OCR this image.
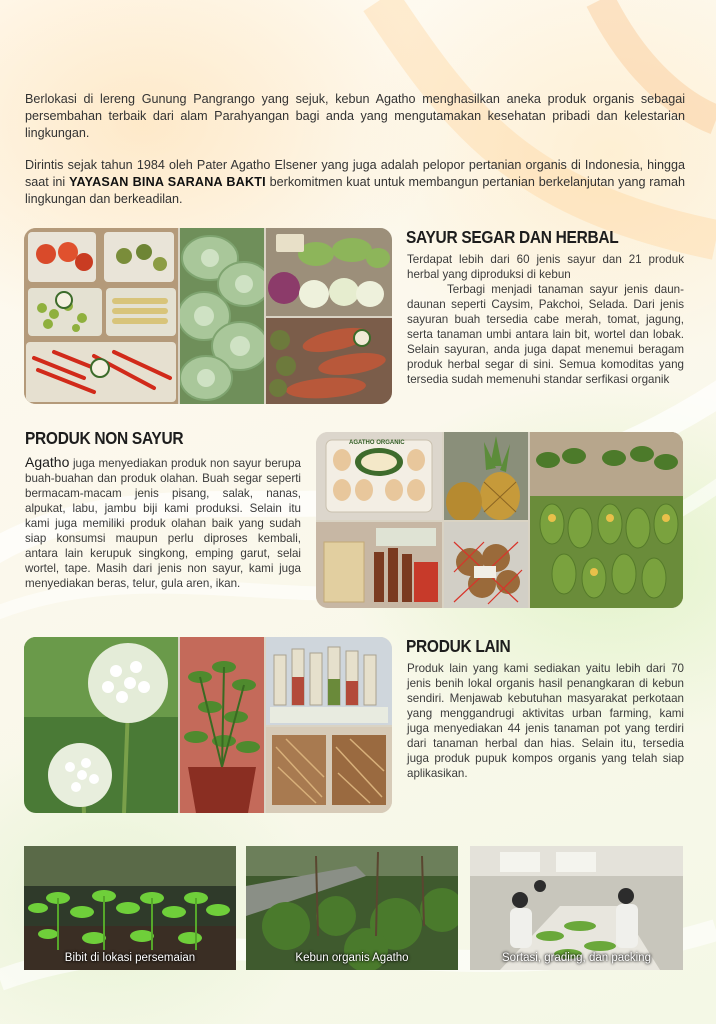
Berlokasi di lereng Gunung Pangrango yang sejuk, kebun Agatho menghasilkan aneka produk organis sebagai persembahan terbaik dari alam Parahyangan bagi anda yang mengutamakan kesehatan pribadi dan kelestarian lingkungan.

Dirintis sejak tahun 1984 oleh Pater Agatho Elsener yang juga adalah pelopor pertanian organis di Indonesia, hingga saat ini YAYASAN BINA SARANA BAKTI berkomitmen kuat untuk membangun pertanian berkelanjutan yang ramah lingkungan dan berkeadilan.

SAYUR SEGAR DAN HERBAL
Terdapat lebih dari 60 jenis sayur dan 21 produk herbal yang diproduksi di kebun
Terbagi menjadi tanaman sayur jenis daun-daunan seperti Caysim, Pakchoi, Selada. Dari jenis sayuran buah tersedia cabe merah, tomat, jagung, serta tanaman umbi antara lain bit, wortel dan lobak. Selain sayuran, anda juga dapat menemui beragam produk herbal segar di sini. Semua komoditas yang tersedia sudah memenuhi standar serfikasi organik
PRODUK NON SAYUR
Agatho juga menyediakan produk non sayur berupa buah-buahan dan produk olahan. Buah segar seperti bermacam-macam jenis pisang, salak, nanas, alpukat, labu, jambu biji kami produksi. Selain itu kami juga memiliki produk olahan baik yang sudah siap konsumsi maupun perlu diproses kembali, antara lain kerupuk singkong, emping garut, selai wortel, tape. Masih dari jenis non sayur, kami juga menyediakan beras, telur, gula aren, ikan.
AGATHO ORGANIC
PRODUK LAIN
Produk lain yang kami sediakan yaitu lebih dari 70 jenis benih lokal organis hasil penangkaran di kebun sendiri. Menjawab kebutuhan masyarakat perkotaan yang menggandrugi aktivitas urban farming, kami juga menyediakan 44 jenis tanaman pot yang terdiri dari tanaman herbal dan hias. Selain itu, tersedia juga produk pupuk kompos organis yang telah siap aplikasikan.
Bibit di lokasi persemaian	Kebun organis Agatho	Sortasi, grading, dan packing
